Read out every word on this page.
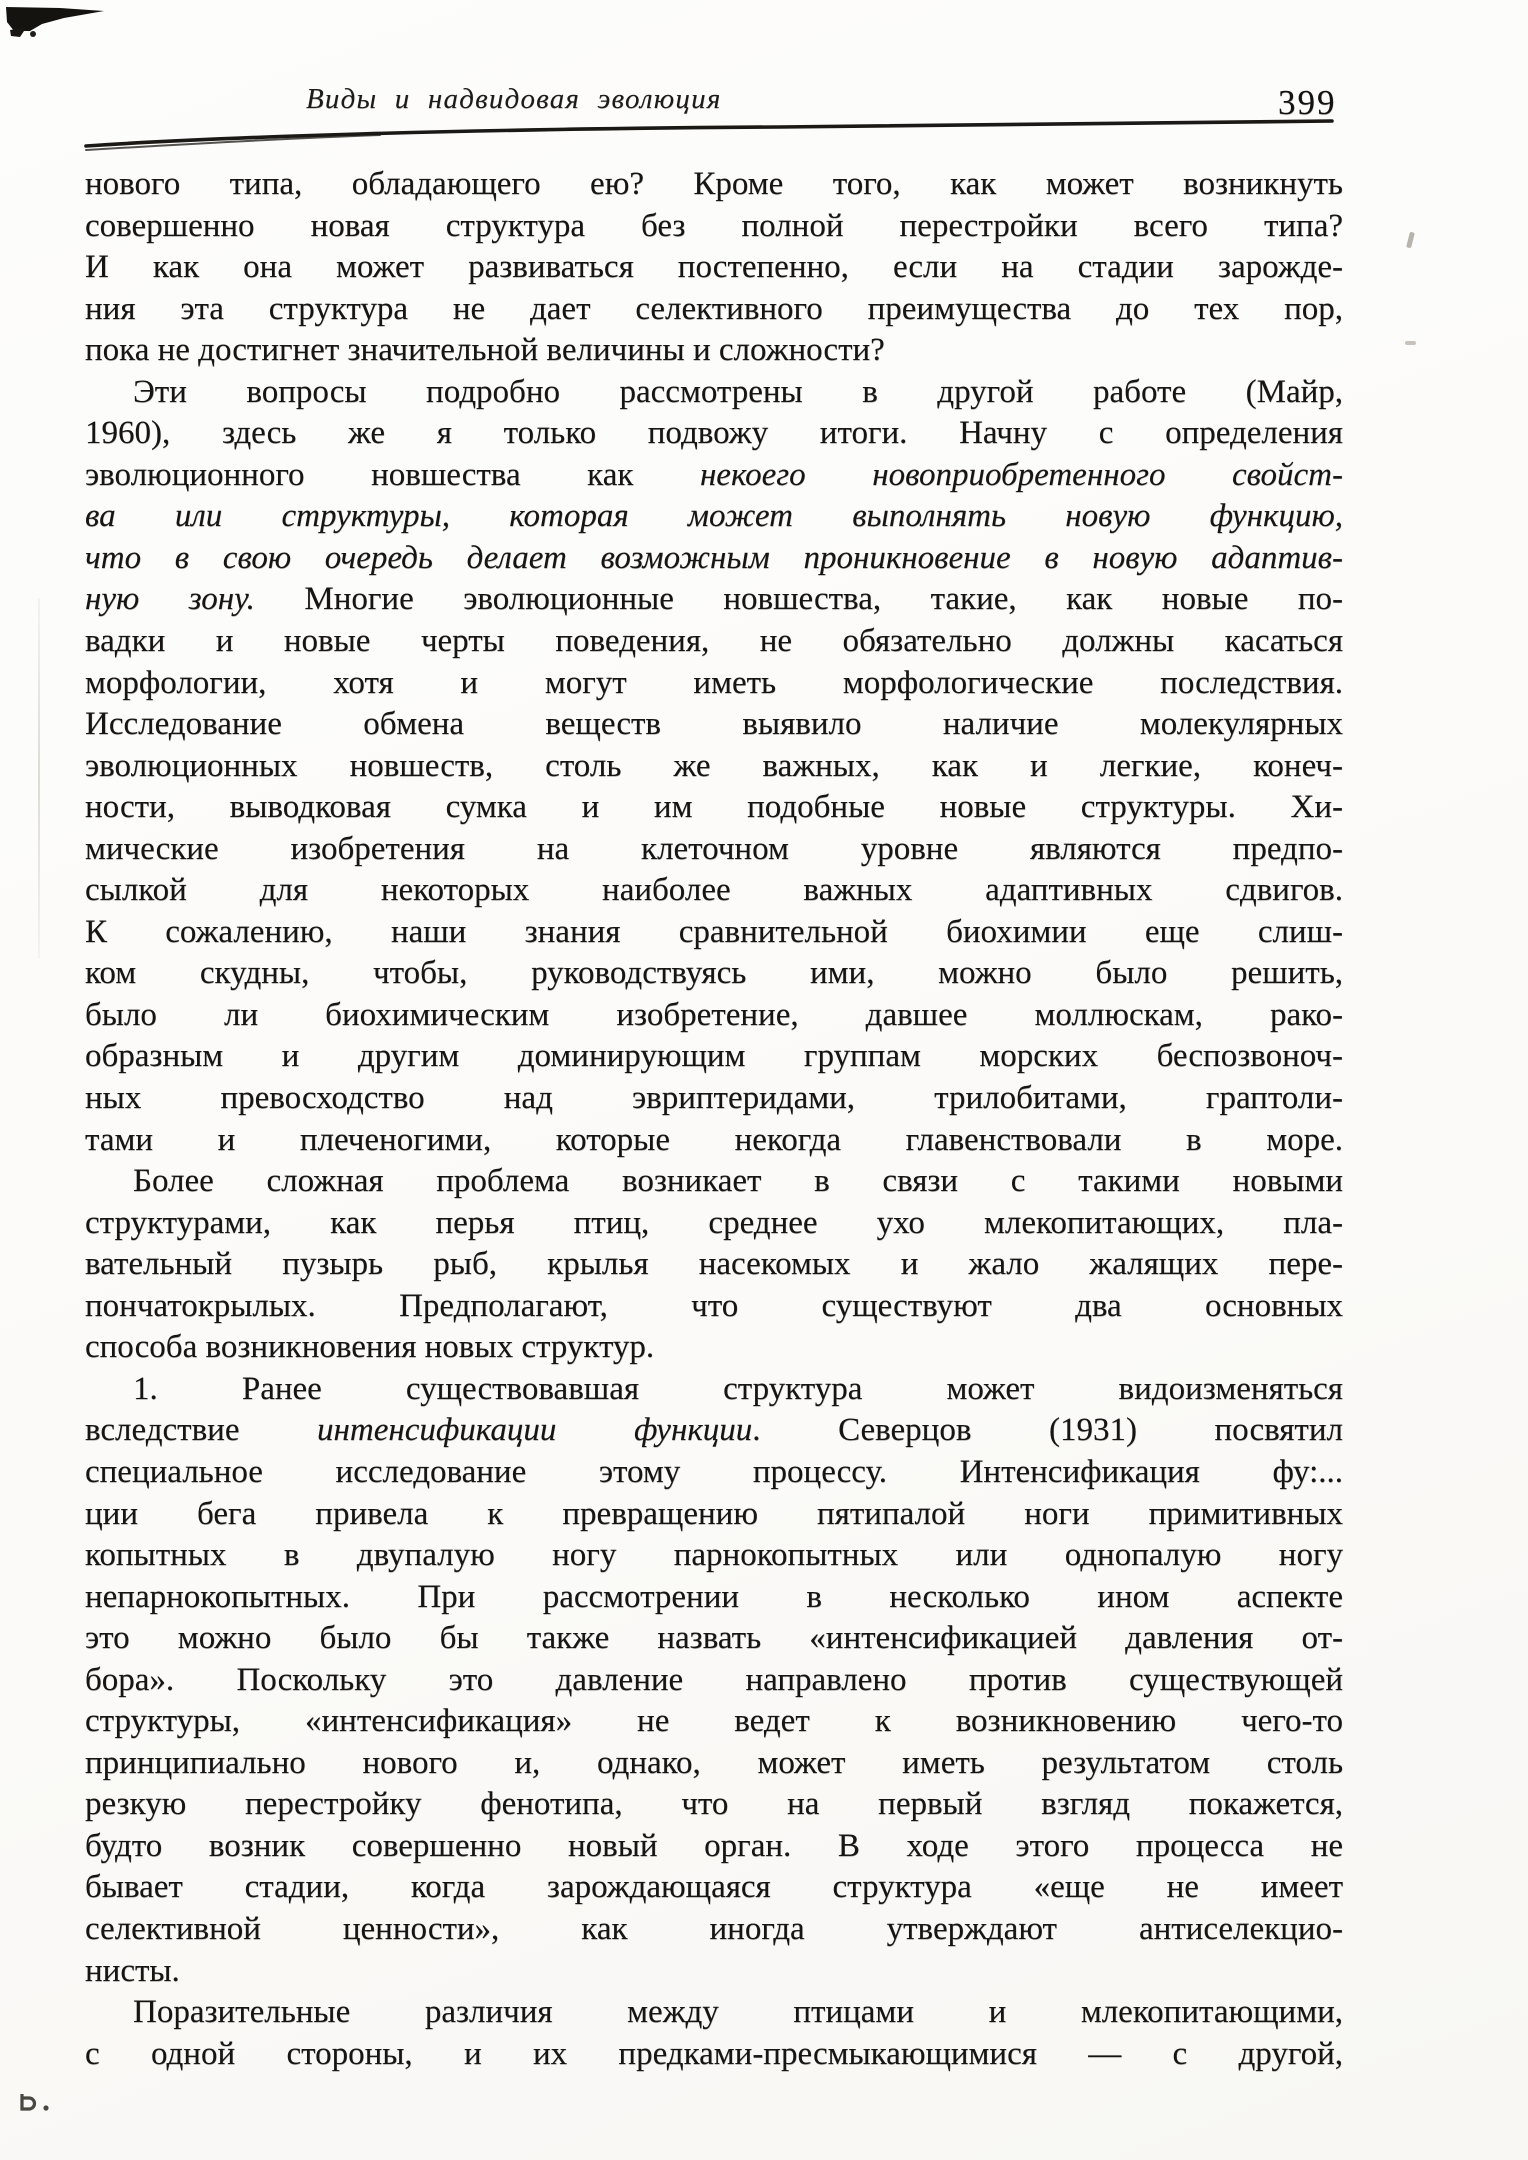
Виды и надвидовая эволюция	399
нового типа, обладающего ею? Кроме того, как может возникнуть
совершенно новая структура без полной перестройки всего типа?
И как она может развиваться постепенно, если на стадии зарожде-
ния эта структура не дает селективного преимущества до тех пор,
пока не достигнет значительной величины и сложности?
Эти вопросы подробно рассмотрены в другой работе (Майр,
1960), здесь же я только подвожу итоги. Начну с определения
эволюционного новшества как некоего новоприобретенного свойст-
ва или структуры, которая может выполнять новую функцию,
что в свою очередь делает возможным проникновение в новую адаптив-
ную зону. Многие эволюционные новшества, такие, как новые по-
вадки и новые черты поведения, не обязательно должны касаться
морфологии, хотя и могут иметь морфологические последствия.
Исследование обмена веществ выявило наличие молекулярных
эволюционных новшеств, столь же важных, как и легкие, конеч-
ности, выводковая сумка и им подобные новые структуры. Хи-
мические изобретения на клеточном уровне являются предпо-
сылкой для некоторых наиболее важных адаптивных сдвигов.
К сожалению, наши знания сравнительной биохимии еще слиш-
ком скудны, чтобы, руководствуясь ими, можно было решить,
было ли биохимическим изобретение, давшее моллюскам, рако-
образным и другим доминирующим группам морских беспозвоноч-
ных превосходство над эвриптеридами, трилобитами, граптоли-
тами и плеченогими, которые некогда главенствовали в море.
Более сложная проблема возникает в связи с такими новыми
структурами, как перья птиц, среднее ухо млекопитающих, пла-
вательный пузырь рыб, крылья насекомых и жало жалящих пере-
пончатокрылых. Предполагают, что существуют два основных
способа возникновения новых структур.
1. Ранее существовавшая структура может видоизменяться
вследствие интенсификации функции. Северцов (1931) посвятил
специальное исследование этому процессу. Интенсификация фу:...
ции бега привела к превращению пятипалой ноги примитивных
копытных в двупалую ногу парнокопытных или однопалую ногу
непарнокопытных. При рассмотрении в несколько ином аспекте
это можно было бы также назвать «интенсификацией давления от-
бора». Поскольку это давление направлено против существующей
структуры, «интенсификация» не ведет к возникновению чего-то
принципиально нового и, однако, может иметь результатом столь
резкую перестройку фенотипа, что на первый взгляд покажется,
будто возник совершенно новый орган. В ходе этого процесса не
бывает стадии, когда зарождающаяся структура «еще не имеет
селективной ценности», как иногда утверждают антиселекцио-
нисты.
Поразительные различия между птицами и млекопитающими,
с одной стороны, и их предками-пресмыкающимися — с другой,
